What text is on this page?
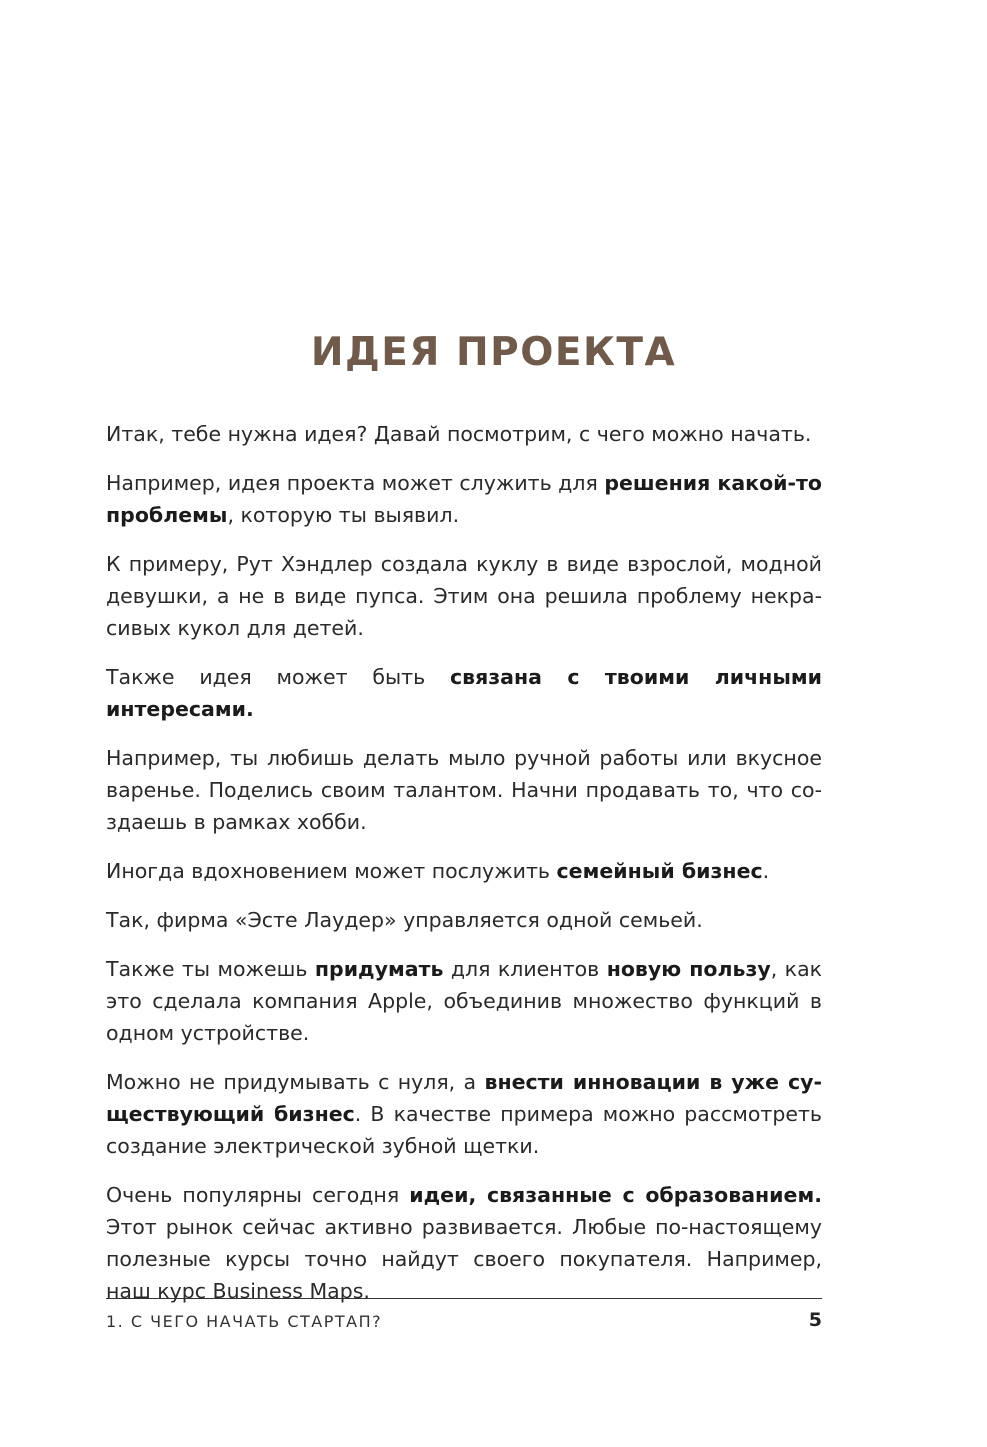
ИДЕЯ ПРОЕКТА

Итак, тебе нужна идея? Давай посмотрим, с чего можно начать.

Например, идея проекта может служить для решения какой-то проблемы, которую ты выявил.

К примеру, Рут Хэндлер создала куклу в виде взрослой, модной девушки, а не в виде пупса. Этим она решила проблему некрасивых кукол для детей.

Также идея может быть связана с твоими личными интересами.

Например, ты любишь делать мыло ручной работы или вкусное варенье. Поделись своим талантом. Начни продавать то, что создаешь в рамках хобби.

Иногда вдохновением может послужить семейный бизнес.

Так, фирма «Эсте Лаудер» управляется одной семьей.

Также ты можешь придумать для клиентов новую пользу, как это сделала компания Apple, объединив множество функций в одном устройстве.

Можно не придумывать с нуля, а внести инновации в уже существующий бизнес. В качестве примера можно рассмотреть создание электрической зубной щетки.

Очень популярны сегодня идеи, связанные с образованием. Этот рынок сейчас активно развивается. Любые по-настоящему полезные курсы точно найдут своего покупателя. Например, наш курс Business Maps.

1. С ЧЕГО НАЧАТЬ СТАРТАП?	5
